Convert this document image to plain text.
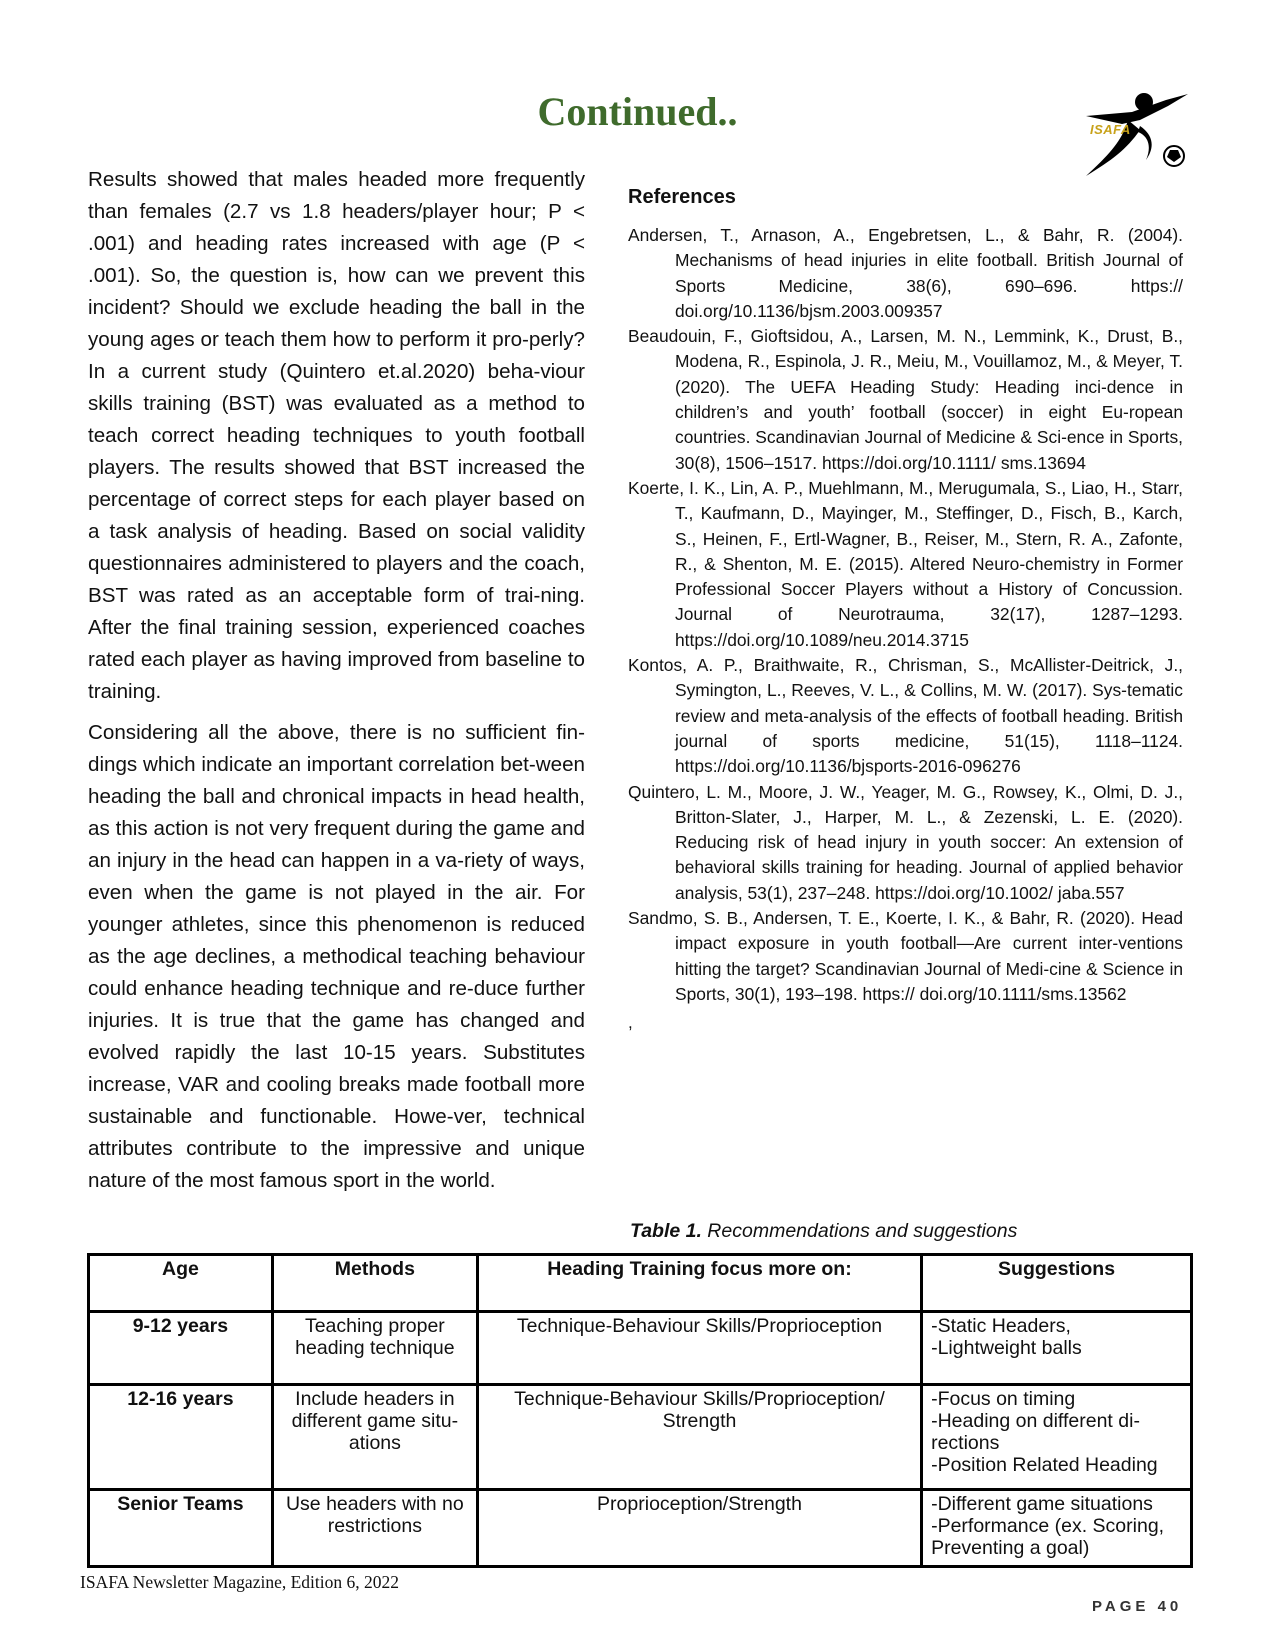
Continued..	ISAFA

Results showed that males headed more frequently than females (2.7 vs 1.8 headers/player hour; P < .001) and heading rates increased with age (P < .001). So, the question is, how can we prevent this incident? Should we exclude heading the ball in the young ages or teach them how to perform it pro-perly? In a current study (Quintero et.al.2020) beha-viour skills training (BST) was evaluated as a method to teach correct heading techniques to youth football players. The results showed that BST increased the percentage of correct steps for each player based on a task analysis of heading. Based on social validity questionnaires administered to players and the coach, BST was rated as an acceptable form of trai-ning. After the final training session, experienced coaches rated each player as having improved from baseline to training.

Considering all the above, there is no sufficient fin-dings which indicate an important correlation bet-ween heading the ball and chronical impacts in head health, as this action is not very frequent during the game and an injury in the head can happen in a va-riety of ways, even when the game is not played in the air. For younger athletes, since this phenomenon is reduced as the age declines, a methodical teaching behaviour could enhance heading technique and re-duce further injuries. It is true that the game has changed and evolved rapidly the last 10-15 years. Substitutes increase, VAR and cooling breaks made football more sustainable and functionable. Howe-ver, technical attributes contribute to the impressive and unique nature of the most famous sport in the world.

References

Andersen, T., Arnason, A., Engebretsen, L., & Bahr, R. (2004). Mechanisms of head injuries in elite football. British Journal of Sports Medicine, 38(6), 690–696. https:// doi.org/10.1136/bjsm.2003.009357

Beaudouin, F., Gioftsidou, A., Larsen, M. N., Lemmink, K., Drust, B., Modena, R., Espinola, J. R., Meiu, M., Vouillamoz, M., & Meyer, T. (2020). The UEFA Heading Study: Heading inci-dence in children’s and youth’ football (soccer) in eight Eu-ropean countries. Scandinavian Journal of Medicine & Sci-ence in Sports, 30(8), 1506–1517. https://doi.org/10.1111/ sms.13694

Koerte, I. K., Lin, A. P., Muehlmann, M., Merugumala, S., Liao, H., Starr, T., Kaufmann, D., Mayinger, M., Steffinger, D., Fisch, B., Karch, S., Heinen, F., Ertl-Wagner, B., Reiser, M., Stern, R. A., Zafonte, R., & Shenton, M. E. (2015). Altered Neuro-chemistry in Former Professional Soccer Players without a History of Concussion. Journal of Neurotrauma, 32(17), 1287–1293. https://doi.org/10.1089/neu.2014.3715

Kontos, A. P., Braithwaite, R., Chrisman, S., McAllister-Deitrick, J., Symington, L., Reeves, V. L., & Collins, M. W. (2017). Sys-tematic review and meta-analysis of the effects of football heading. British journal of sports medicine, 51(15), 1118–1124. https://doi.org/10.1136/bjsports-2016-096276

Quintero, L. M., Moore, J. W., Yeager, M. G., Rowsey, K., Olmi, D. J., Britton-Slater, J., Harper, M. L., & Zezenski, L. E. (2020). Reducing risk of head injury in youth soccer: An extension of behavioral skills training for heading. Journal of applied behavior analysis, 53(1), 237–248. https://doi.org/10.1002/ jaba.557

Sandmo, S. B., Andersen, T. E., Koerte, I. K., & Bahr, R. (2020). Head impact exposure in youth football—Are current inter-ventions hitting the target? Scandinavian Journal of Medi-cine & Science in Sports, 30(1), 193–198. https:// doi.org/10.1111/sms.13562

,
Table 1. Recommendations and suggestions
Age	Methods	Heading Training focus more on:	Suggestions
9-12 years	Teaching proper heading technique	Technique-Behaviour Skills/Proprioception	-Static Headers,
-Lightweight balls

12-16 years	Include headers in different game situ-ations	Technique-Behaviour Skills/Proprioception/ Strength	-Focus on timing
-Heading on different di-rections
-Position Related Heading

Senior Teams	Use headers with no restrictions	Proprioception/Strength	-Different game situations
-Performance (ex. Scoring, Preventing a goal)
ISAFA Newsletter Magazine, Edition 6, 2022
PAGE 40
